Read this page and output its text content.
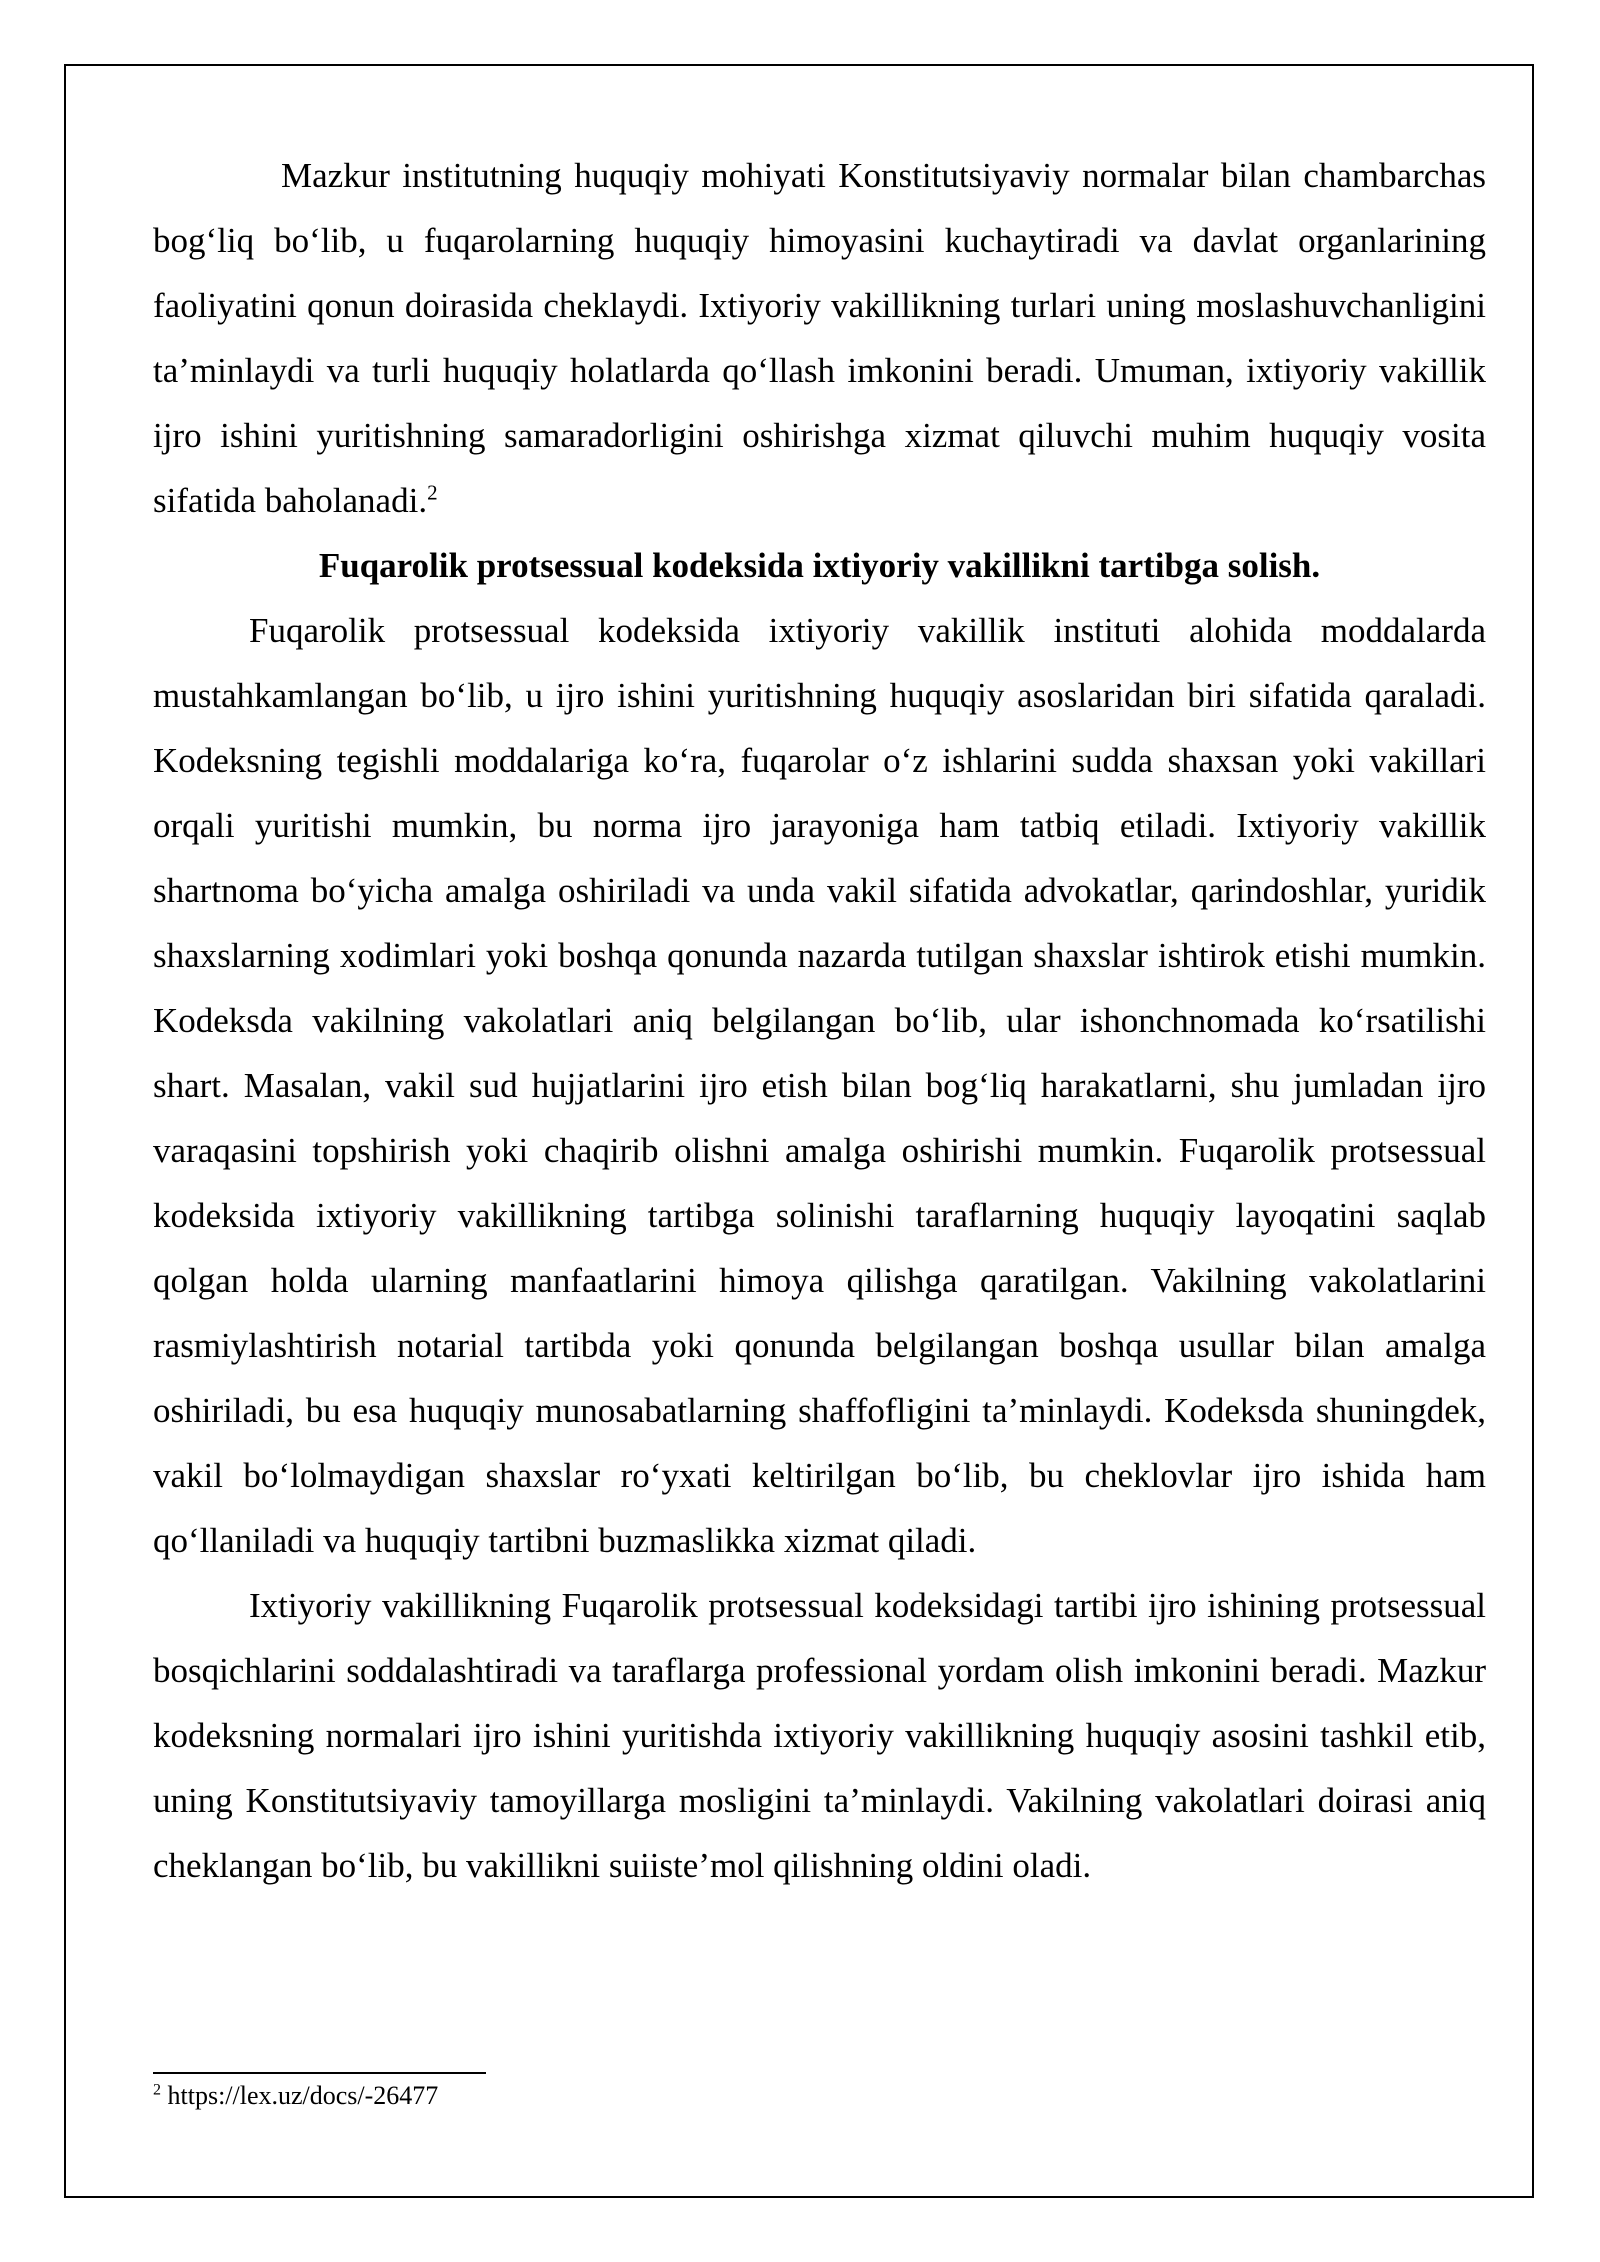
Mazkur institutning huquqiy mohiyati Konstitutsiyaviy normalar bilan chambarchas bog‘liq bo‘lib, u fuqarolarning huquqiy himoyasini kuchaytiradi va davlat organlarining faoliyatini qonun doirasida cheklaydi. Ixtiyoriy vakillikning turlari uning moslashuvchanligini ta’minlaydi va turli huquqiy holatlarda qo‘llash imkonini beradi. Umuman, ixtiyoriy vakillik ijro ishini yuritishning samaradorligini oshirishga xizmat qiluvchi muhim huquqiy vosita sifatida baholanadi.$^2$

Fuqarolik protsessual kodeksida ixtiyoriy vakillikni tartibga solish.

Fuqarolik protsessual kodeksida ixtiyoriy vakillik instituti alohida moddalarda mustahkamlangan bo‘lib, u ijro ishini yuritishning huquqiy asoslaridan biri sifatida qaraladi. Kodeksning tegishli moddalariga ko‘ra, fuqarolar o‘z ishlarini sudda shaxsan yoki vakillari orqali yuritishi mumkin, bu norma ijro jarayoniga ham tatbiq etiladi. Ixtiyoriy vakillik shartnoma bo‘yicha amalga oshiriladi va unda vakil sifatida advokatlar, qarindoshlar, yuridik shaxslarning xodimlari yoki boshqa qonunda nazarda tutilgan shaxslar ishtirok etishi mumkin. Kodeksda vakilning vakolatlari aniq belgilangan bo‘lib, ular ishonchnomada ko‘rsatilishi shart. Masalan, vakil sud hujjatlarini ijro etish bilan bog‘liq harakatlarni, shu jumladan ijro varaqasini topshirish yoki chaqirib olishni amalga oshirishi mumkin. Fuqarolik protsessual kodeksida ixtiyoriy vakillikning tartibga solinishi taraflarning huquqiy layoqatini saqlab qolgan holda ularning manfaatlarini himoya qilishga qaratilgan. Vakilning vakolatlarini rasmiylashtirish notarial tartibda yoki qonunda belgilangan boshqa usullar bilan amalga oshiriladi, bu esa huquqiy munosabatlarning shaffofligini ta’minlaydi. Kodeksda shuningdek, vakil bo‘lolmaydigan shaxslar ro‘yxati keltirilgan bo‘lib, bu cheklovlar ijro ishida ham qo‘llaniladi va huquqiy tartibni buzmaslikka xizmat qiladi.

Ixtiyoriy vakillikning Fuqarolik protsessual kodeksidagi tartibi ijro ishining protsessual bosqichlarini soddalashtiradi va taraflarga professional yordam olish imkonini beradi. Mazkur kodeksning normalari ijro ishini yuritishda ixtiyoriy vakillikning huquqiy asosini tashkil etib, uning Konstitutsiyaviy tamoyillarga mosligini ta’minlaydi. Vakilning vakolatlari doirasi aniq cheklangan bo‘lib, bu vakillikni suiiste’mol qilishning oldini oladi.

$^2$ https://lex.uz/docs/-26477
